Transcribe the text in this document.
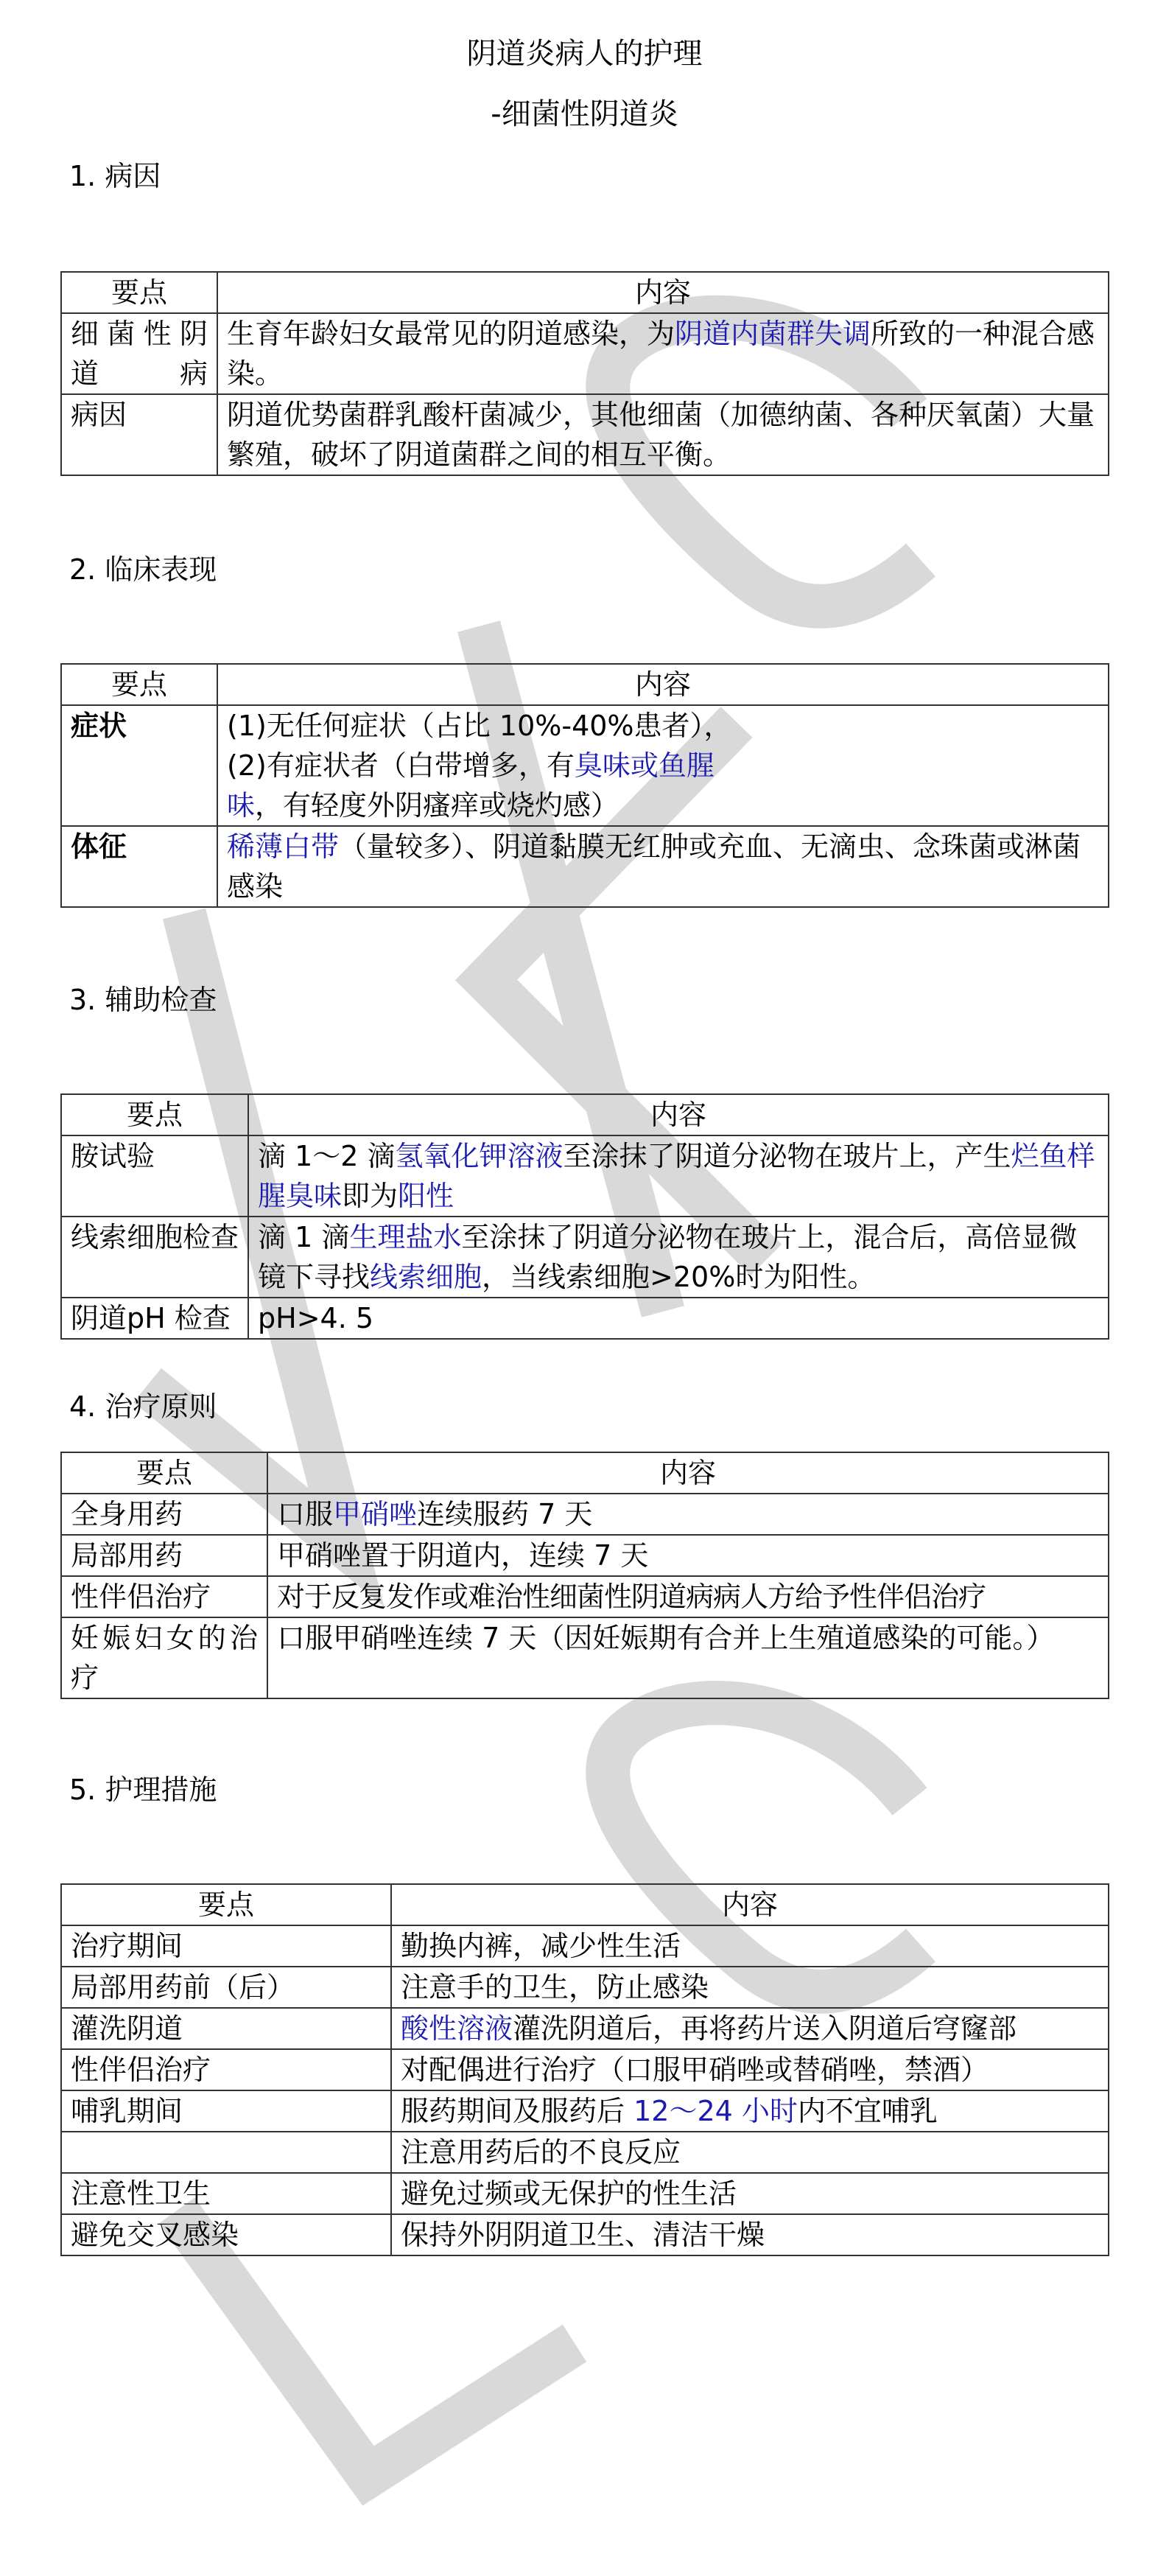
阴道炎病人的护理
-细菌性阴道炎
1. 病因
要点	内容
细菌性阴道病	生育年龄妇女最常见的阴道感染，为阴道内菌群失调所致的一种混合感染。
病因	阴道优势菌群乳酸杆菌减少，其他细菌（加德纳菌、各种厌氧菌）大量繁殖，破坏了阴道菌群之间的相互平衡。
2. 临床表现
要点	内容
症状	(1)无任何症状（占比 10%-40%患者），
(2)有症状者（白带增多，有臭味或鱼腥味，有轻度外阴瘙痒或烧灼感）

体征	稀薄白带（量较多）、阴道黏膜无红肿或充血、无滴虫、念珠菌或淋菌感染
3. 辅助检查
要点	内容
胺试验	滴 1～2 滴氢氧化钾溶液至涂抹了阴道分泌物在玻片上，产生烂鱼样腥臭味即为阳性
线索细胞检查	滴 1 滴生理盐水至涂抹了阴道分泌物在玻片上，混合后，高倍显微镜下寻找线索细胞，当线索细胞>20%时为阳性。
阴道pH 检查	pH>4. 5
4. 治疗原则
要点	内容
全身用药	口服甲硝唑连续服药 7 天
局部用药	甲硝唑置于阴道内，连续 7 天
性伴侣治疗	对于反复发作或难治性细菌性阴道病病人方给予性伴侣治疗
妊娠妇女的治疗	口服甲硝唑连续 7 天（因妊娠期有合并上生殖道感染的可能。）
5. 护理措施
要点	内容
治疗期间	勤换内裤，减少性生活
局部用药前（后）	注意手的卫生，防止感染
灌洗阴道	酸性溶液灌洗阴道后，再将药片送入阴道后穹窿部
性伴侣治疗	对配偶进行治疗（口服甲硝唑或替硝唑，禁酒）
哺乳期间	服药期间及服药后 12～24 小时内不宜哺乳
	注意用药后的不良反应
注意性卫生	避免过频或无保护的性生活
避免交叉感染	保持外阴阴道卫生、清洁干燥
